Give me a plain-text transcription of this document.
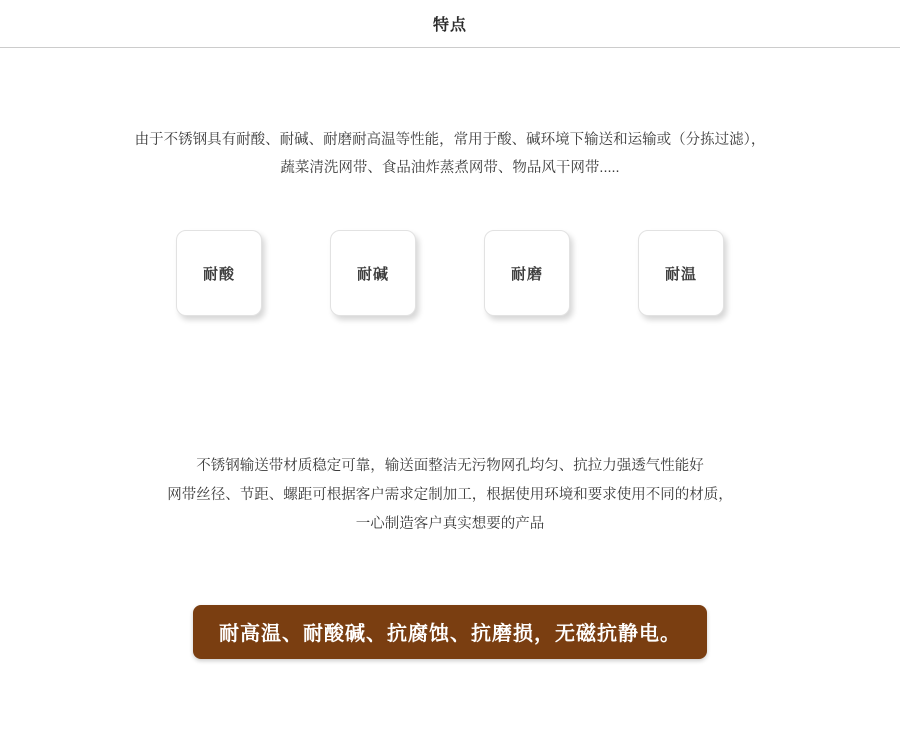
特点
由于不锈钢具有耐酸、耐碱、耐磨耐高温等性能，常用于酸、碱环境下输送和运输或（分拣过滤），
蔬菜清洗网带、食品油炸蒸煮网带、物品风干网带.....
耐酸	耐碱	耐磨	耐温
不锈钢输送带材质稳定可靠，输送面整洁无污物网孔均匀、抗拉力强透气性能好
网带丝径、节距、螺距可根据客户需求定制加工，根据使用环境和要求使用不同的材质，
一心制造客户真实想要的产品
耐高温、耐酸碱、抗腐蚀、抗磨损，无磁抗静电。
